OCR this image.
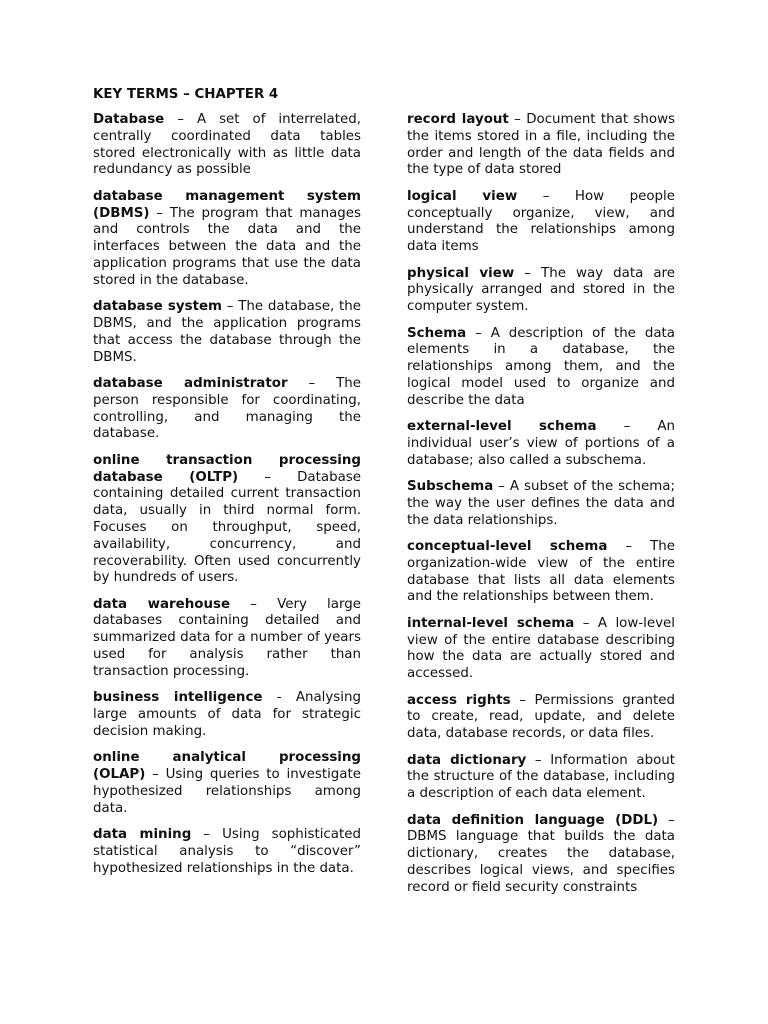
KEY TERMS – CHAPTER 4

Database – A set of interrelated, centrally coordinated data tables stored electronically with as little data redundancy as possible

database management system (DBMS) – The program that manages and controls the data and the interfaces between the data and the application programs that use the data stored in the database.

database system – The database, the DBMS, and the application programs that access the database through the DBMS.

database administrator – The person responsible for coordinating, controlling, and managing the database.

online transaction processing database (OLTP) – Database containing detailed current transaction data, usually in third normal form. Focuses on throughput, speed, availability, concurrency, and recoverability. Often used concurrently by hundreds of users.

data warehouse – Very large databases containing detailed and summarized data for a number of years used for analysis rather than transaction processing.

business intelligence - Analysing large amounts of data for strategic decision making.

online analytical processing (OLAP) – Using queries to investigate hypothesized relationships among data.

data mining – Using sophisticated statistical analysis to “discover” hypothesized relationships in the data.

record layout – Document that shows the items stored in a file, including the order and length of the data fields and the type of data stored

logical view – How people conceptually organize, view, and understand the relationships among data items

physical view – The way data are physically arranged and stored in the computer system.

Schema – A description of the data elements in a database, the relationships among them, and the logical model used to organize and describe the data

external-level schema – An individual user’s view of portions of a database; also called a subschema.

Subschema – A subset of the schema; the way the user defines the data and the data relationships.

conceptual-level schema – The organization-wide view of the entire database that lists all data elements and the relationships between them.

internal-level schema – A low-level view of the entire database describing how the data are actually stored and accessed.

access rights – Permissions granted to create, read, update, and delete data, database records, or data files.

data dictionary – Information about the structure of the database, including a description of each data element.

data definition language (DDL) – DBMS language that builds the data dictionary, creates the database, describes logical views, and specifies record or field security constraints
